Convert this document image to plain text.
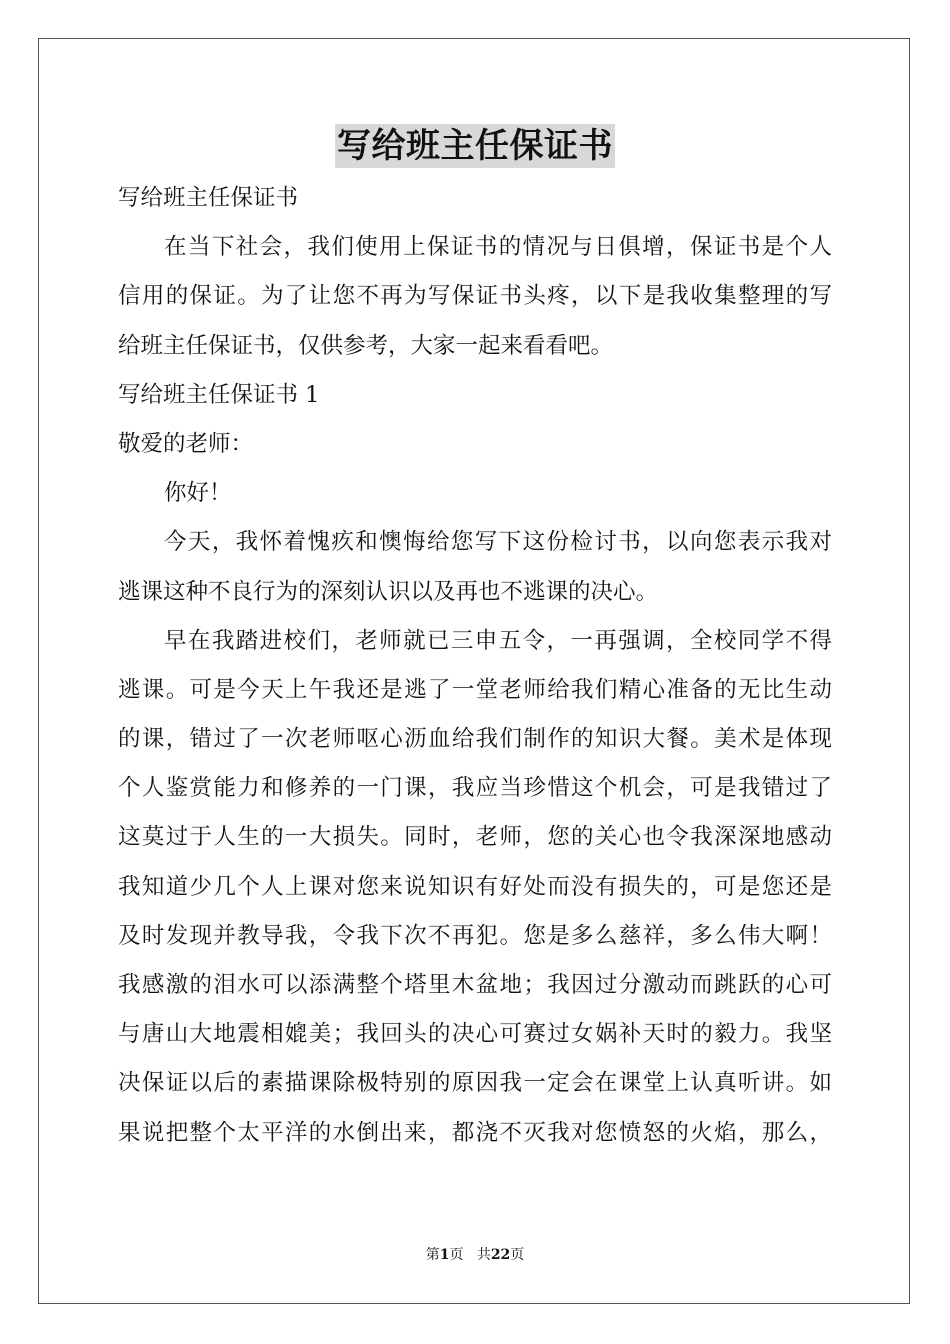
写给班主任保证书
写给班主任保证书
在当下社会，我们使用上保证书的情况与日俱增，保证书是个人
信用的保证。为了让您不再为写保证书头疼，以下是我收集整理的写
给班主任保证书，仅供参考，大家一起来看看吧。
写给班主任保证书 1
敬爱的老师：
你好！
今天，我怀着愧疚和懊悔给您写下这份检讨书，以向您表示我对
逃课这种不良行为的深刻认识以及再也不逃课的决心。
早在我踏进校们，老师就已三申五令，一再强调，全校同学不得
逃课。可是今天上午我还是逃了一堂老师给我们精心准备的无比生动
的课，错过了一次老师呕心沥血给我们制作的知识大餐。美术是体现
个人鉴赏能力和修养的一门课，我应当珍惜这个机会，可是我错过了
这莫过于人生的一大损失。同时，老师，您的关心也令我深深地感动
我知道少几个人上课对您来说知识有好处而没有损失的，可是您还是
及时发现并教导我，令我下次不再犯。您是多么慈祥，多么伟大啊！
我感激的泪水可以添满整个塔里木盆地；我因过分激动而跳跃的心可
与唐山大地震相媲美；我回头的决心可赛过女娲补天时的毅力。我坚
决保证以后的素描课除极特别的原因我一定会在课堂上认真听讲。如
果说把整个太平洋的水倒出来，都浇不灭我对您愤怒的火焰，那么，
第1页 共22页
